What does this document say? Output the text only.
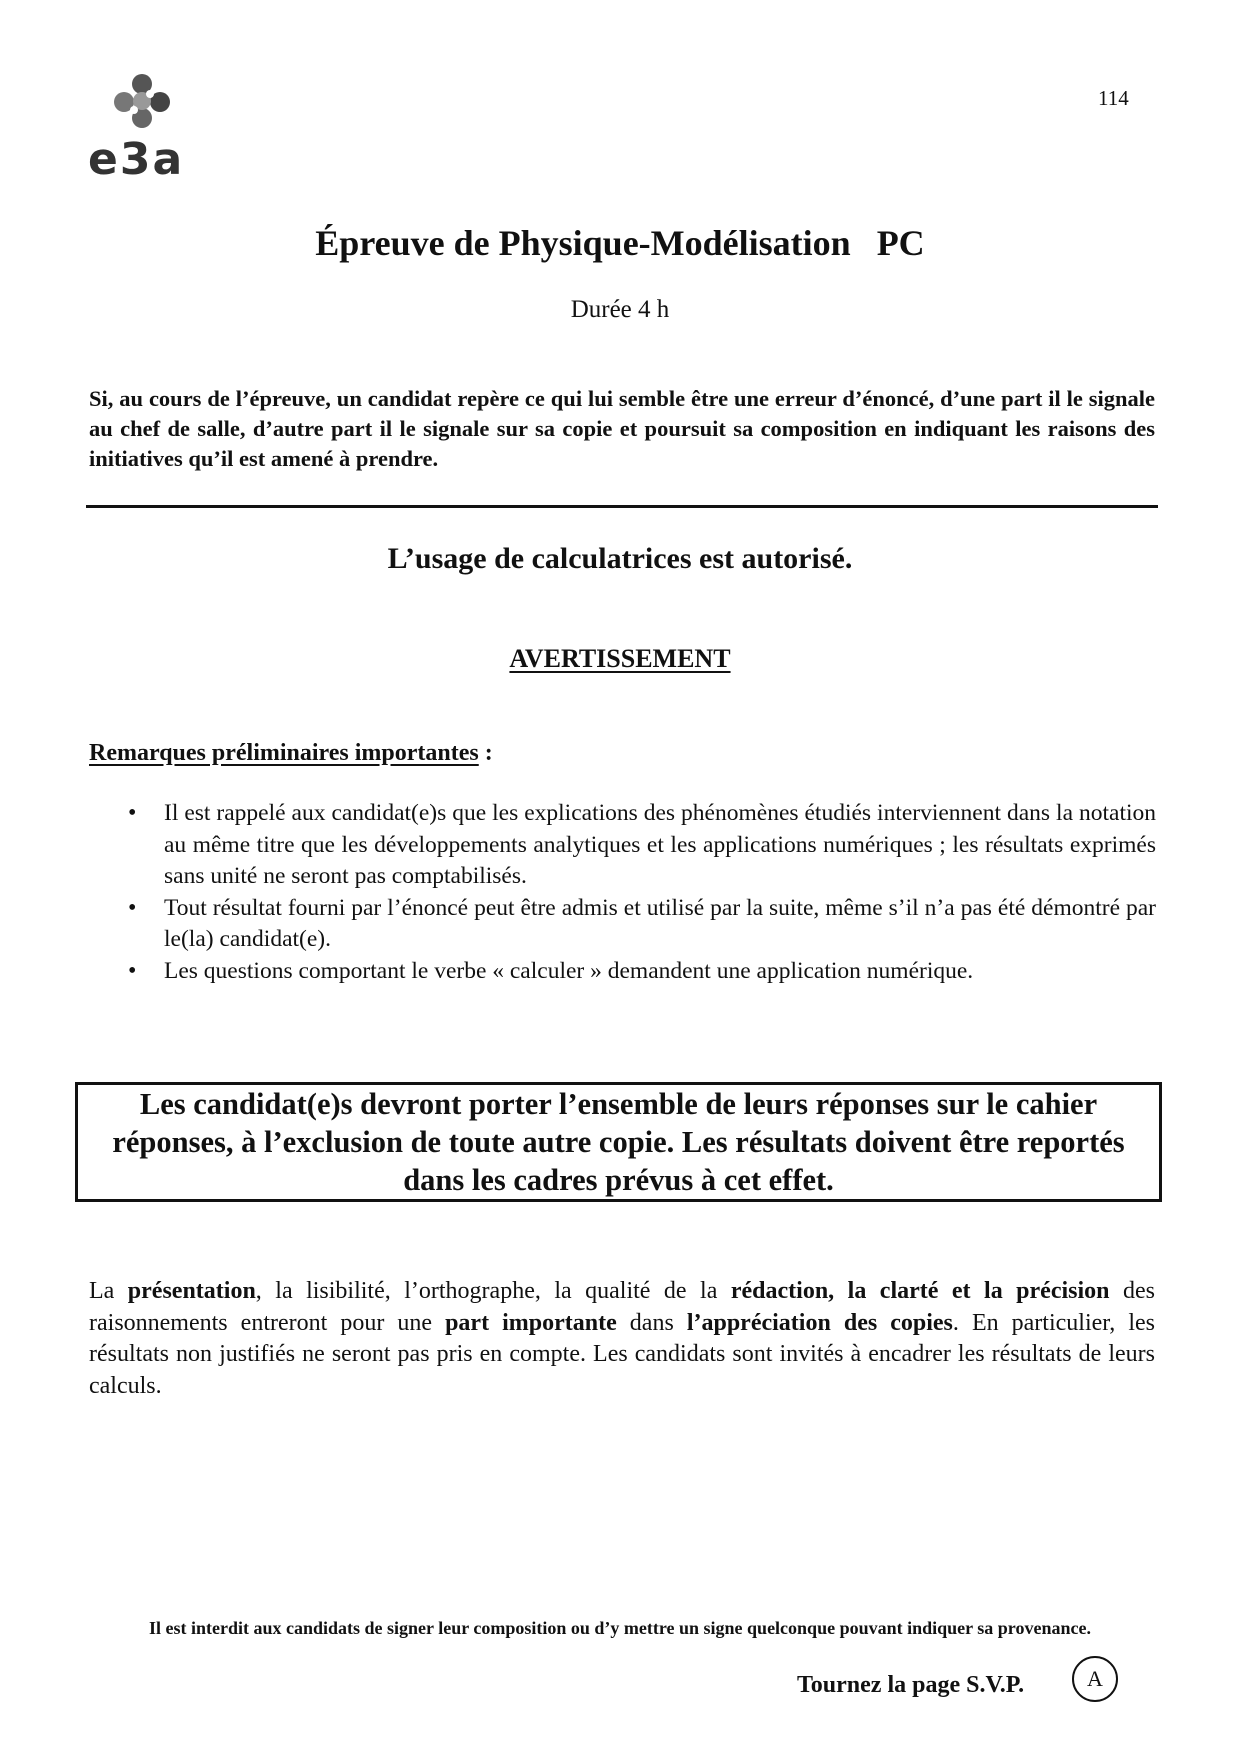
e3a
114
Épreuve de Physique-Modélisation PC
Durée 4 h
Si, au cours de l’épreuve, un candidat repère ce qui lui semble être une erreur d’énoncé, d’une part il le signale au chef de salle, d’autre part il le signale sur sa copie et poursuit sa composition en indiquant les raisons des initiatives qu’il est amené à prendre.
L’usage de calculatrices est autorisé.
AVERTISSEMENT
Remarques préliminaires importantes :
• Il est rappelé aux candidat(e)s que les explications des phénomènes étudiés interviennent dans la notation au même titre que les développements analytiques et les applications numériques ; les résultats exprimés sans unité ne seront pas comptabilisés.
• Tout résultat fourni par l’énoncé peut être admis et utilisé par la suite, même s’il n’a pas été démontré par le(la) candidat(e).
• Les questions comportant le verbe « calculer » demandent une application numérique.

Les candidat(e)s devront porter l’ensemble de leurs réponses sur le cahier réponses, à l’exclusion de toute autre copie. Les résultats doivent être reportés dans les cadres prévus à cet effet.

La présentation, la lisibilité, l’orthographe, la qualité de la rédaction, la clarté et la précision des raisonnements entreront pour une part importante dans l’appréciation des copies. En particulier, les résultats non justifiés ne seront pas pris en compte. Les candidats sont invités à encadrer les résultats de leurs calculs.
Il est interdit aux candidats de signer leur composition ou d’y mettre un signe quelconque pouvant indiquer sa provenance.
Tournez la page S.V.P.	A
